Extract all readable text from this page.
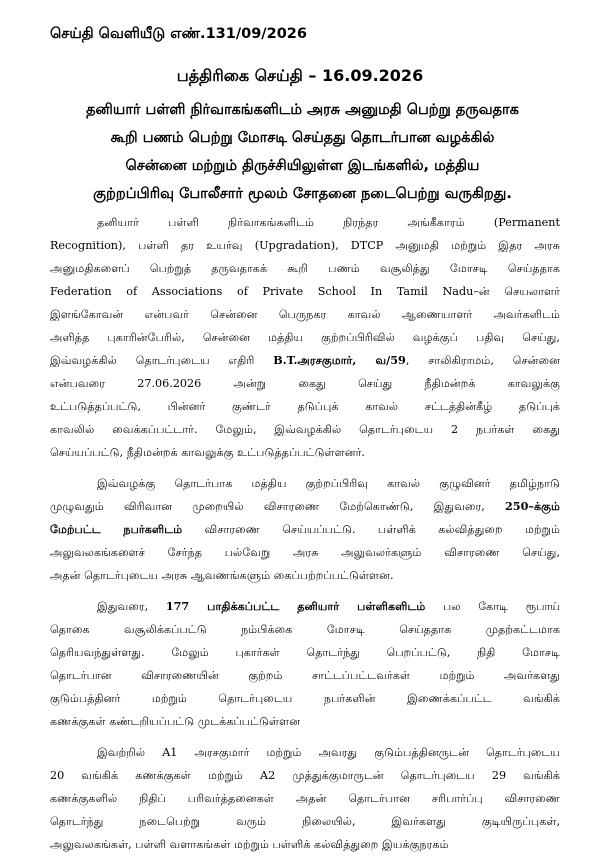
செய்தி வெளியீடு எண்.131/09/2026
பத்திரிகை செய்தி – 16.09.2026
தனியார் பள்ளி நிர்வாகங்களிடம் அரசு அனுமதி பெற்று தருவதாக
கூறி பணம் பெற்று மோசடி செய்தது தொடர்பான வழக்கில்
சென்னை மற்றும் திருச்சியிலுள்ள இடங்களில், மத்திய
குற்றப்பிரிவு போலீசார் மூலம் சோதனை நடைபெற்று வருகிறது.
தனியார் பள்ளி நிர்வாகங்களிடம் நிரந்தர அங்கீகாரம் (Permanent
Recognition), பள்ளி தர உயர்வு (Upgradation), DTCP அனுமதி மற்றும் இதர அரசு
அனுமதிகளைப் பெற்றுத் தருவதாகக் கூறி பணம் வசூலித்து மோசடி செய்ததாக
Federation of Associations of Private School In Tamil Nadu–ன் செயலாளர்
இளங்கோவன் என்பவர் சென்னை பெருநகர காவல் ஆணையாளர் அவர்களிடம்
அளித்த புகாரின்பேரில், சென்னை மத்திய குற்றப்பிரிவில் வழக்குப் பதிவு செய்து,
இவ்வழக்கில் தொடர்புடைய எதிரி B.T.அரசகுமார், வ/59, சாலிகிராமம், சென்னை
என்பவரை 27.06.2026 அன்று கைது செய்து நீதிமன்றக் காவலுக்கு
உட்படுத்தப்பட்டு, பின்னர் குண்டர் தடுப்புக் காவல் சட்டத்தின்கீழ் தடுப்புக்
காவலில் வைக்கப்பட்டார். மேலும், இவ்வழக்கில் தொடர்புடைய 2 நபர்கள் கைது
செய்யப்பட்டு, நீதிமன்றக் காவலுக்கு உட்படுத்தப்பட்டுள்ளனர்.
இவ்வழக்கு தொடர்பாக மத்திய குற்றப்பிரிவு காவல் குழுவினர் தமிழ்நாடு
முழுவதும் விரிவான முறையில் விசாரணை மேற்கொண்டு, இதுவரை, 250–க்கும்
மேற்பட்ட நபர்களிடம் விசாரணை செய்யப்பட்டு. பள்ளிக் கல்வித்துறை மற்றும்
அலுவலகங்களைச் சேர்ந்த பல்வேறு அரசு அலுவலர்களும் விசாரணை செய்து,
அதன் தொடர்புடைய அரசு ஆவணங்களும் கைப்பற்றப்பட்டுள்ளன.
இதுவரை, 177 பாதிக்கப்பட்ட தனியார் பள்ளிகளிடம் பல கோடி ரூபாய்
தொகை வசூலிக்கப்பட்டு நம்பிக்கை மோசடி செய்ததாக முதற்கட்டமாக
தெரியவந்துள்ளது. மேலும் புகார்கள் தொடர்ந்து பெறப்பட்டு, நிதி மோசடி
தொடர்பான விசாரணையின் குற்றம் சாட்டப்பட்டவர்கள் மற்றும் அவர்களது
குடும்பத்தினர் மற்றும் தொடர்புடைய நபர்களின் இணைக்கப்பட்ட வங்கிக்
கணக்குகள் கண்டறியப்பட்டு முடக்கப்பட்டுள்ளன
இவற்றில் A1 அரசகுமார் மற்றும் அவரது குடும்பத்தினருடன் தொடர்புடைய
20 வங்கிக் கணக்குகள் மற்றும் A2 முத்துக்குமாருடன் தொடர்புடைய 29 வங்கிக்
கணக்குகளில் நிதிப் பரிவர்த்தனைகள் அதன் தொடர்பான சரிபார்ப்பு விசாரணை
தொடர்ந்து நடைபெற்று வரும் நிலையில், இவர்களது குடியிருப்புகள்,
அலுவலகங்கள், பள்ளி வளாகங்கள் மற்றும் பள்ளிக் கல்வித்துறை இயக்குநரகம்
